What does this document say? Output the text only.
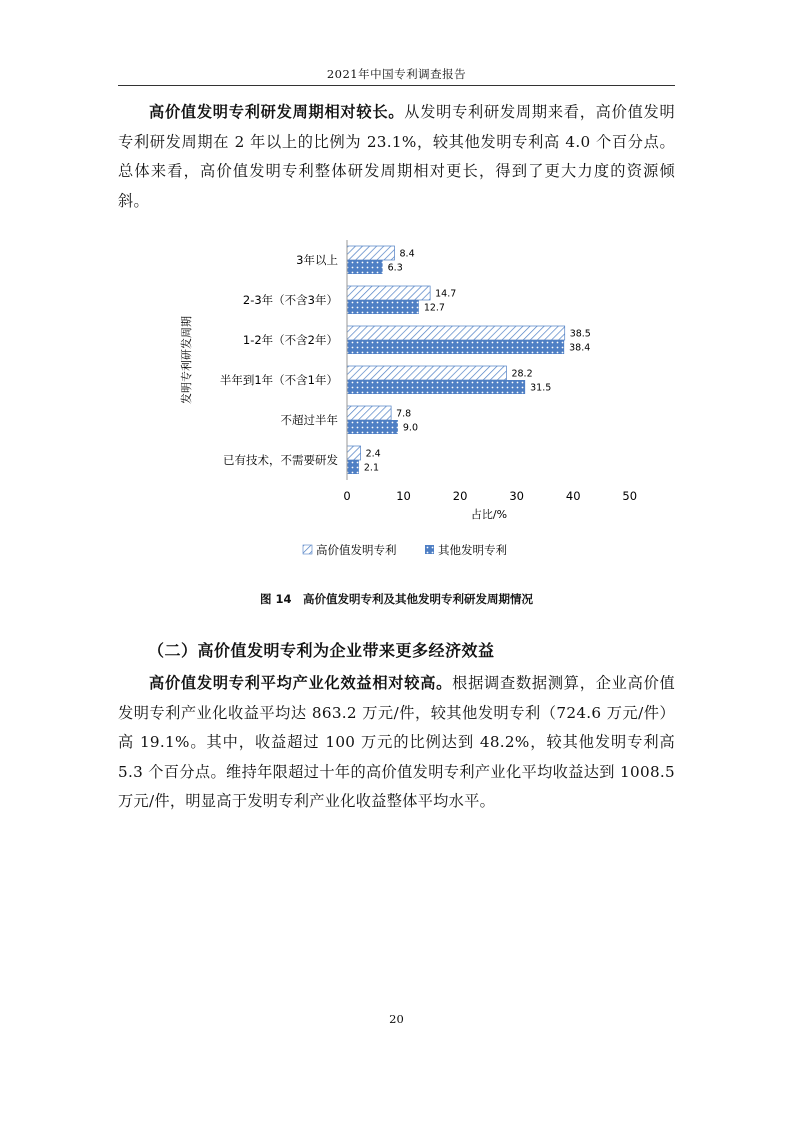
2021年中国专利调查报告

高价值发明专利研发周期相对较长。从发明专利研发周期来看，高价值发明专利研发周期在 2 年以上的比例为 23.1%，较其他发明专利高 4.0 个百分点。总体来看，高价值发明专利整体研发周期相对更长，得到了更大力度的资源倾斜。

3年以上	8.4
6.3
2-3年（不含3年）	14.7
12.7
1-2年（不含2年）	38.5
38.4
半年到1年（不含1年）	28.2
31.5
不超过半年	7.8
9.0
已有技术，不需要研发	2.4
2.1
0	10	20	30	40	50
发明专利研发周期
占比/%
高价值发明专利	其他发明专利
图 14　高价值发明专利及其他发明专利研发周期情况
（二）高价值发明专利为企业带来更多经济效益

高价值发明专利平均产业化效益相对较高。根据调查数据测算，企业高价值发明专利产业化收益平均达 863.2 万元/件，较其他发明专利（724.6 万元/件）高 19.1%。其中，收益超过 100 万元的比例达到 48.2%，较其他发明专利高 5.3 个百分点。维持年限超过十年的高价值发明专利产业化平均收益达到 1008.5 万元/件，明显高于发明专利产业化收益整体平均水平。

20
